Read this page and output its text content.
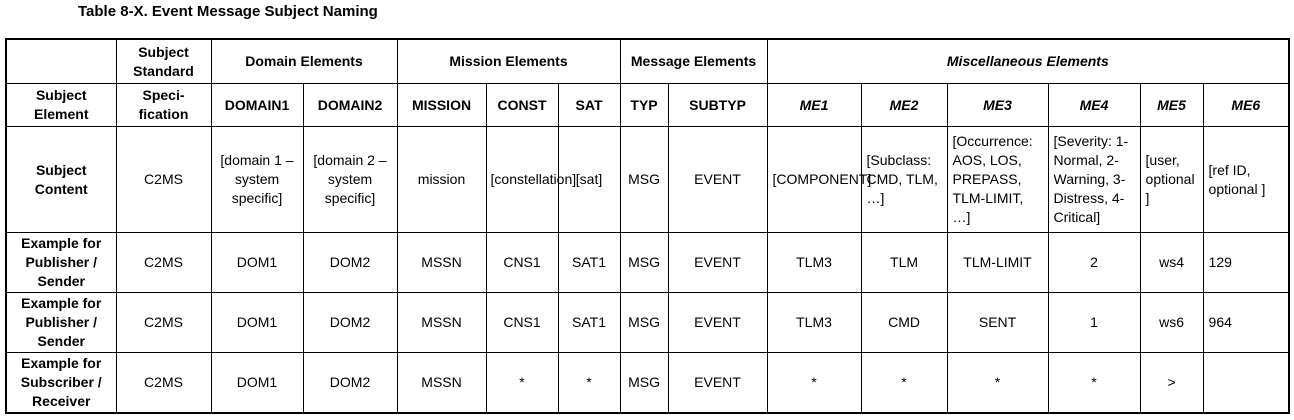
Table 8-X. Event Message Subject Naming
	Subject Standard	Domain Elements		Mission Elements			Message Elements		Miscellaneous Elements					
Subject Element	Speci-fication	DOMAIN1	DOMAIN2	MISSION	CONST	SAT	TYP	SUBTYP	ME1	ME2	ME3	ME4	ME5	ME6
Subject Content	C2MS	[domain 1 – system specific]	[domain 2 – system specific]	mission	[constellation]	[sat]	MSG	EVENT	[COMPONENT]	[Subclass: CMD, TLM, …]	[Occurrence: AOS, LOS, PREPASS, TLM-LIMIT, …]	[Severity: 1-Normal, 2-Warning, 3-Distress, 4-Critical]	[user, optional ]	[ref ID, optional ]
Example for Publisher / Sender	C2MS	DOM1	DOM2	MSSN	CNS1	SAT1	MSG	EVENT	TLM3	TLM	TLM-LIMIT	2	ws4	129
Example for Publisher / Sender	C2MS	DOM1	DOM2	MSSN	CNS1	SAT1	MSG	EVENT	TLM3	CMD	SENT	1	ws6	964
Example for Subscriber / Receiver	C2MS	DOM1	DOM2	MSSN	*	*	MSG	EVENT	*	*	*	*	>	
